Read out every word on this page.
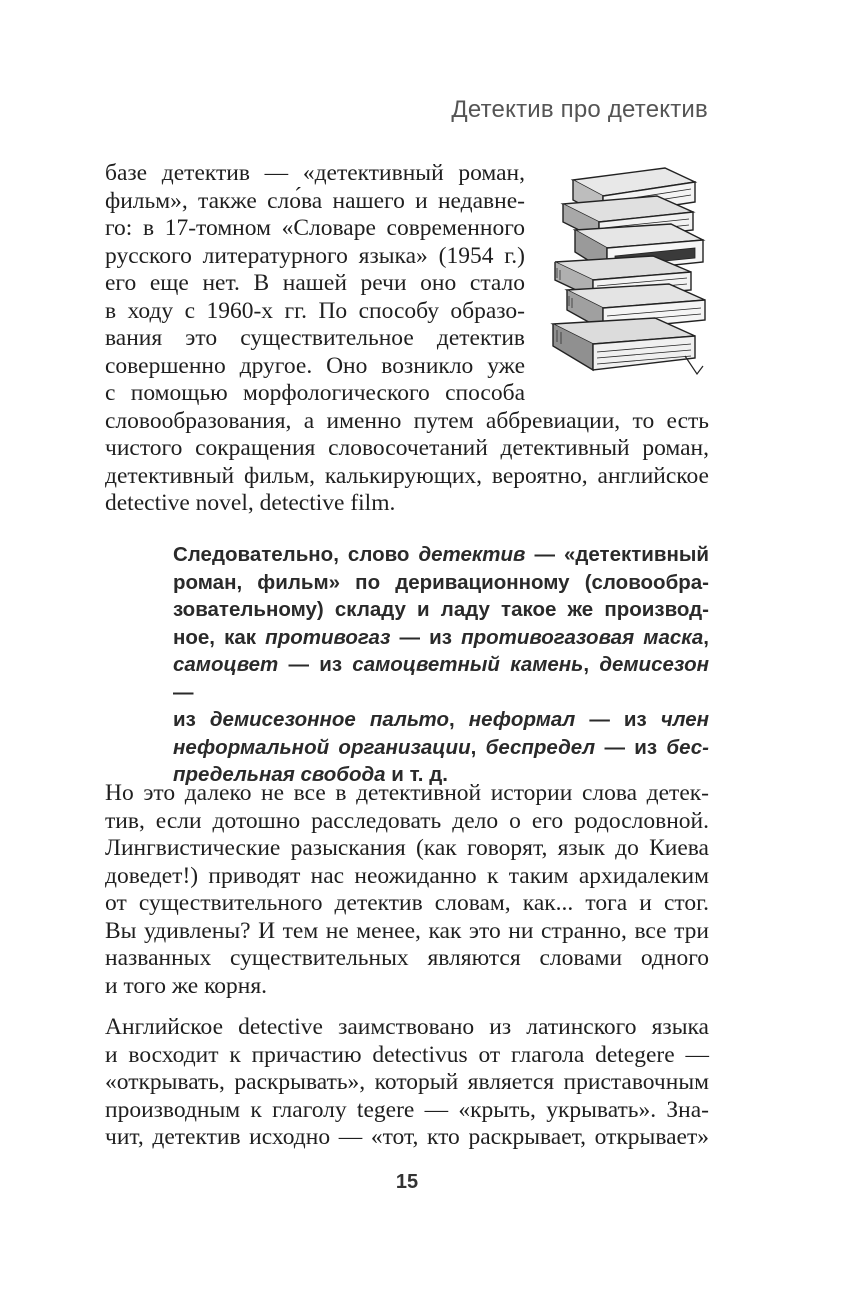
Детектив про детектив
базе детектив — «детективный роман,
фильм», также сло́ва нашего и недавне-
го: в 17-томном «Словаре современного
русского литературного языка» (1954 г.)
его еще нет. В нашей речи оно стало
в ходу с 1960-х гг. По способу образо-
вания это существительное детектив
совершенно другое. Оно возникло уже
с помощью морфологического способа
словообразования, а именно путем аббревиации, то есть
чистого сокращения словосочетаний детективный роман,
детективный фильм, калькирующих, вероятно, английское
detective novel, detective film.
Следовательно, слово детектив — «детективный
роман, фильм» по деривационному (словообра-
зовательному) складу и ладу такое же производ-
ное, как противогаз — из противогазовая маска,
самоцвет — из самоцветный камень, демисезон —
из демисезонное пальто, неформал — из член
неформальной организации, беспредел — из бес-
предельная свобода и т. д.
Но это далеко не все в детективной истории слова детек-
тив, если дотошно расследовать дело о его родословной.
Лингвистические разыскания (как говорят, язык до Киева
доведет!) приводят нас неожиданно к таким архидалеким
от существительного детектив словам, как... тога и стог.
Вы удивлены? И тем не менее, как это ни странно, все три
названных существительных являются словами одного
и того же корня.
Английское detective заимствовано из латинского языка
и восходит к причастию detectivus от глагола detegere —
«открывать, раскрывать», который является приставочным
производным к глаголу tegere — «крыть, укрывать». Зна-
чит, детектив исходно — «тот, кто раскрывает, открывает»
15
